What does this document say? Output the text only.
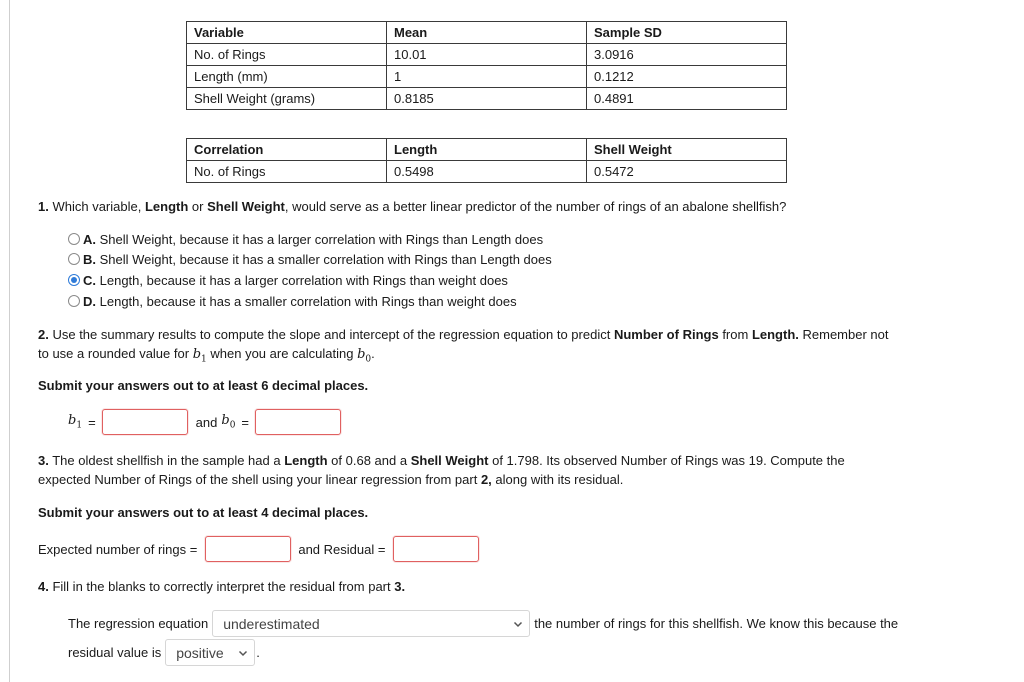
Variable	Mean	Sample SD
No. of Rings	10.01	3.0916
Length (mm)	1	0.1212
Shell Weight (grams)	0.8185	0.4891
Correlation	Length	Shell Weight
No. of Rings	0.5498	0.5472
1. Which variable, Length or Shell Weight, would serve as a better linear predictor of the number of rings of an abalone shellfish?
A.
Shell Weight, because it has a larger correlation with Rings than Length does
B.
Shell Weight, because it has a smaller correlation with Rings than Length does
C.
Length, because it has a larger correlation with Rings than weight does
D.
Length, because it has a smaller correlation with Rings than weight does
2. Use the summary results to compute the slope and intercept of the regression equation to predict Number of Rings from Length. Remember not
to use a rounded value for $b_1$ when you are calculating $b_0$.
Submit your answers out to at least 6 decimal places.
$b_1$ =	and $b_0$ =
3. The oldest shellfish in the sample had a Length of 0.68 and a Shell Weight of 1.798. Its observed Number of Rings was 19. Compute the
expected Number of Rings of the shell using your linear regression from part 2, along with its residual.
Submit your answers out to at least 4 decimal places.
Expected number of rings =	and Residual =
4. Fill in the blanks to correctly interpret the residual from part 3.
The regression equation underestimated	the number of rings for this shellfish. We know this because the
residual value is positive	.
